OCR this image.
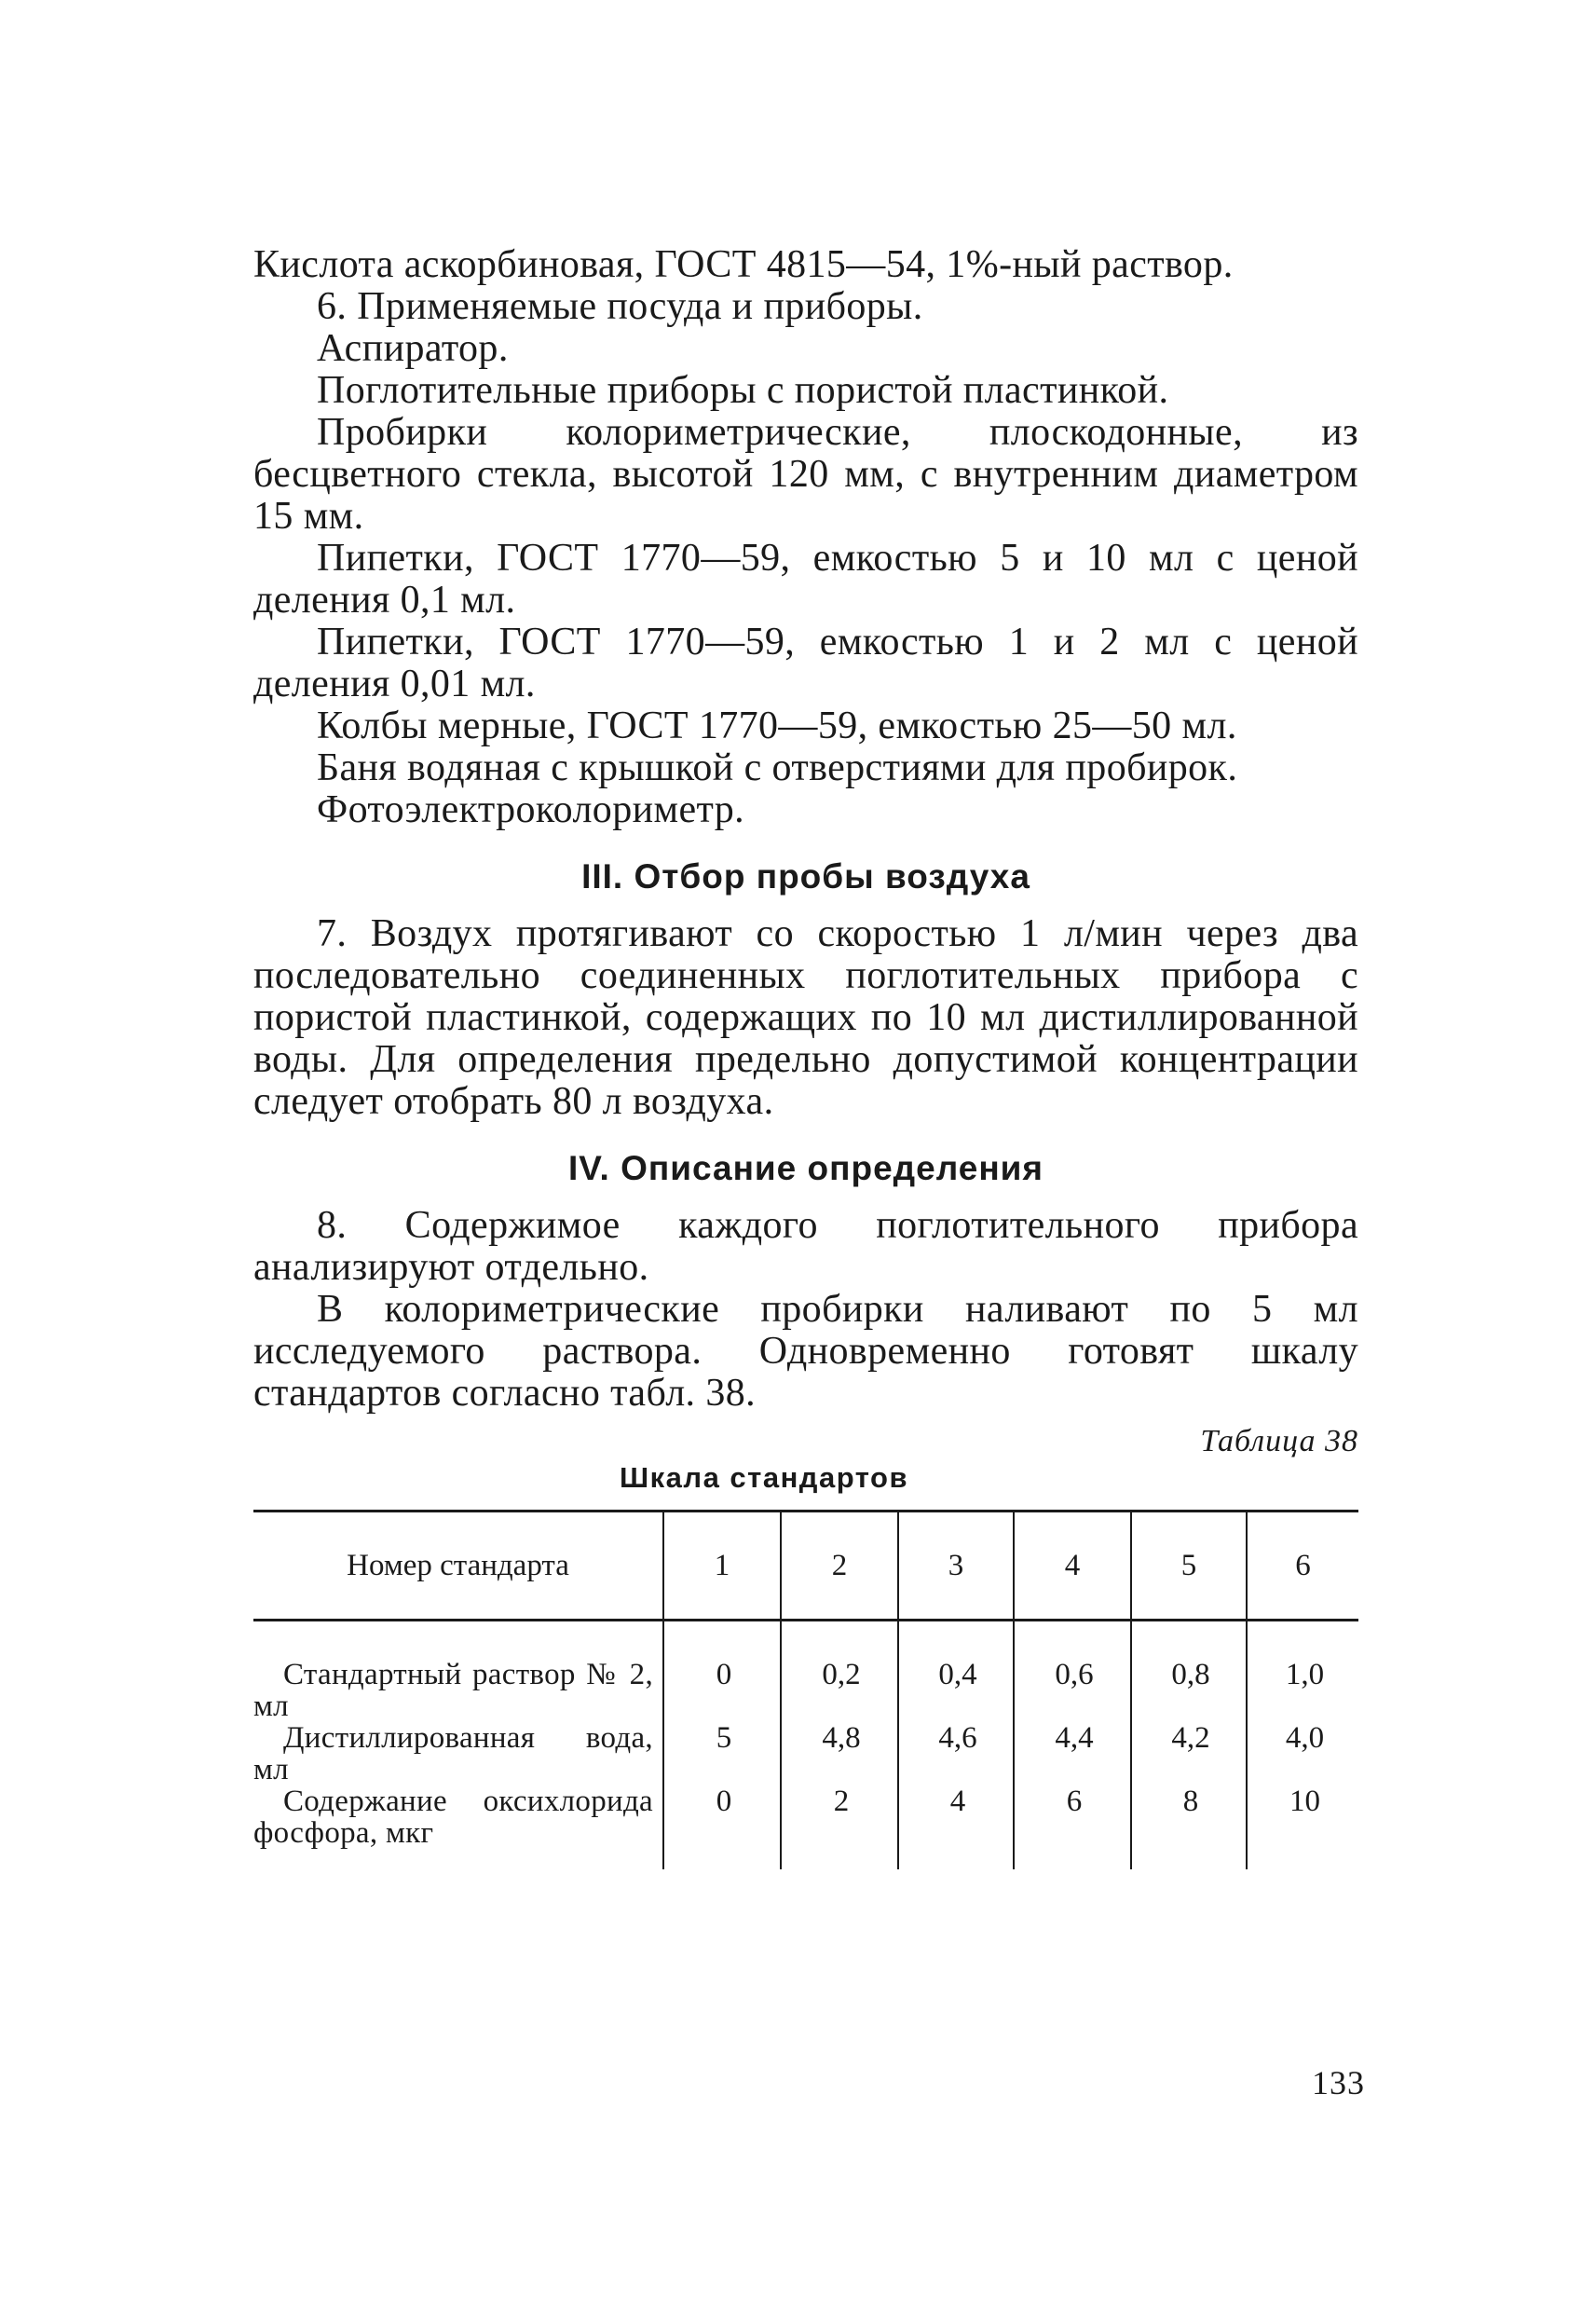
Кислота аскорбиновая, ГОСТ 4815—54, 1%-ный раствор.

6. Применяемые посуда и приборы.

Аспиратор.

Поглотительные приборы с пористой пластинкой.

Пробирки колориметрические, плоскодонные, из бесцветного стекла, высотой 120 мм, с внутренним диаметром 15 мм.

Пипетки, ГОСТ 1770—59, емкостью 5 и 10 мл с ценой деления 0,1 мл.

Пипетки, ГОСТ 1770—59, емкостью 1 и 2 мл с ценой деления 0,01 мл.

Колбы мерные, ГОСТ 1770—59, емкостью 25—50 мл.

Баня водяная с крышкой с отверстиями для пробирок.

Фотоэлектроколориметр.

III. Отбор пробы воздуха

7. Воздух протягивают со скоростью 1 л/мин через два последовательно соединенных поглотительных прибора с пористой пластинкой, содержащих по 10 мл дистиллированной воды. Для определения предельно допустимой концентрации следует отобрать 80 л воздуха.

IV. Описание определения

8. Содержимое каждого поглотительного прибора анализируют отдельно.

В колориметрические пробирки наливают по 5 мл исследуемого раствора. Одновременно готовят шкалу стандартов согласно табл. 38.

Таблица 38

Шкала стандартов

Номер стандарта	1	2	3	4	5	6
Стандартный раствор № 2, мл	0	0,2	0,4	0,6	0,8	1,0
Дистиллированная вода, мл	5	4,8	4,6	4,4	4,2	4,0
Содержание оксихлорида фосфора, мкг	0	2	4	6	8	10
133
